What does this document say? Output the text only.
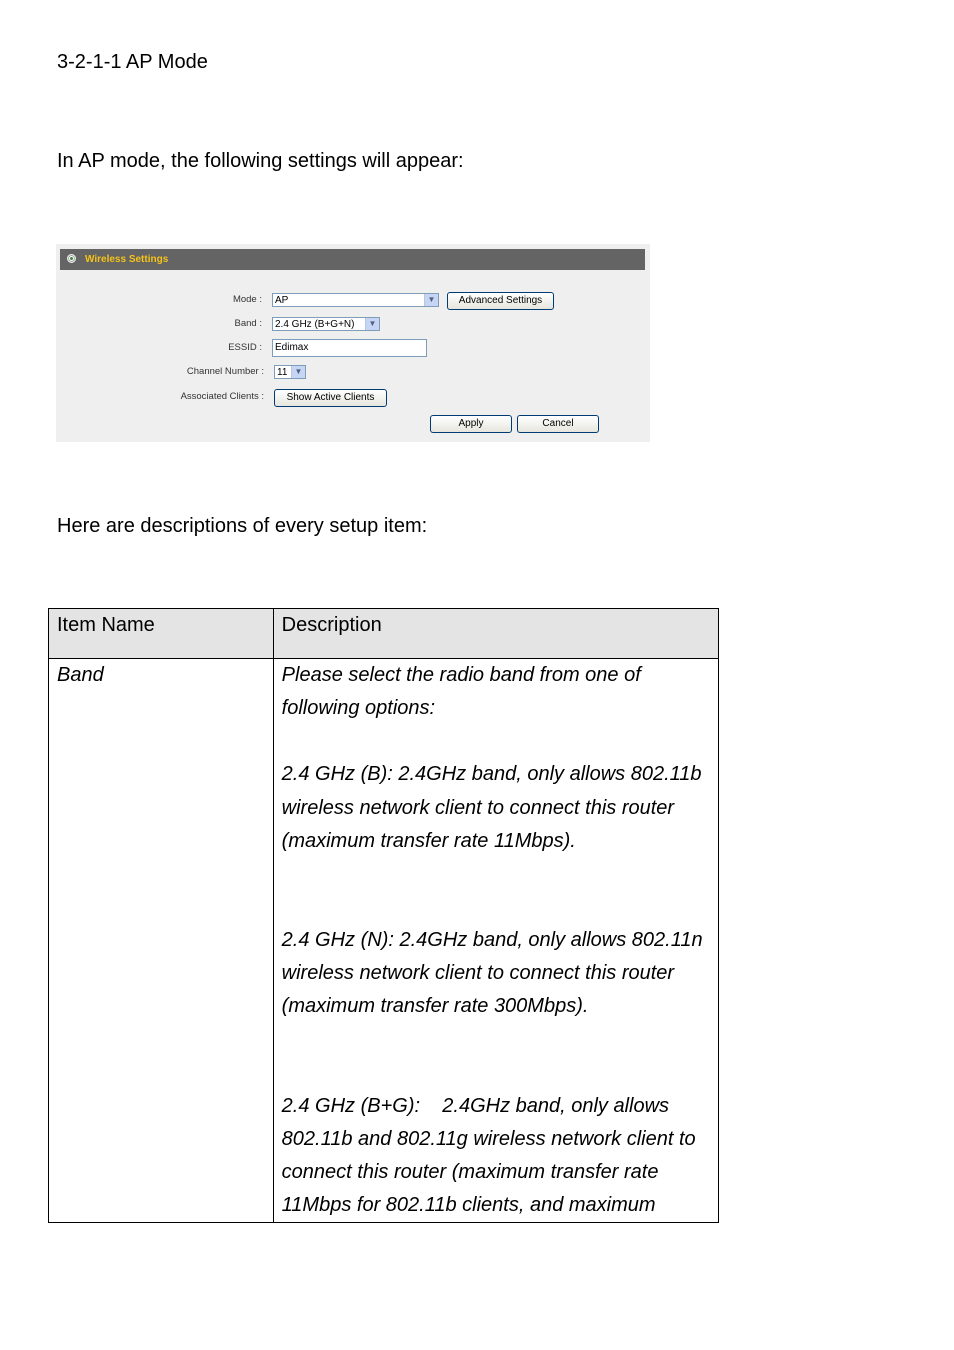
3-2-1-1 AP Mode
In AP mode, the following settings will appear:
Wireless Settings
Mode :	AP	▼	Advanced Settings
Band :	2.4 GHz (B+G+N)	▼
ESSID :	Edimax
Channel Number :	11 ▼
Associated Clients :	Show Active Clients
Apply	Cancel
Here are descriptions of every setup item:
Item Name	Description
Band	Please select the radio band from one of following options:

2.4 GHz (B): 2.4GHz band, only allows 802.11b wireless network client to connect this router (maximum transfer rate 11Mbps).

2.4 GHz (N): 2.4GHz band, only allows 802.11n wireless network client to connect this router (maximum transfer rate 300Mbps).

2.4 GHz (B+G):    2.4GHz band, only allows 802.11b and 802.11g wireless network client to connect this router (maximum transfer rate 11Mbps for 802.11b clients, and maximum
